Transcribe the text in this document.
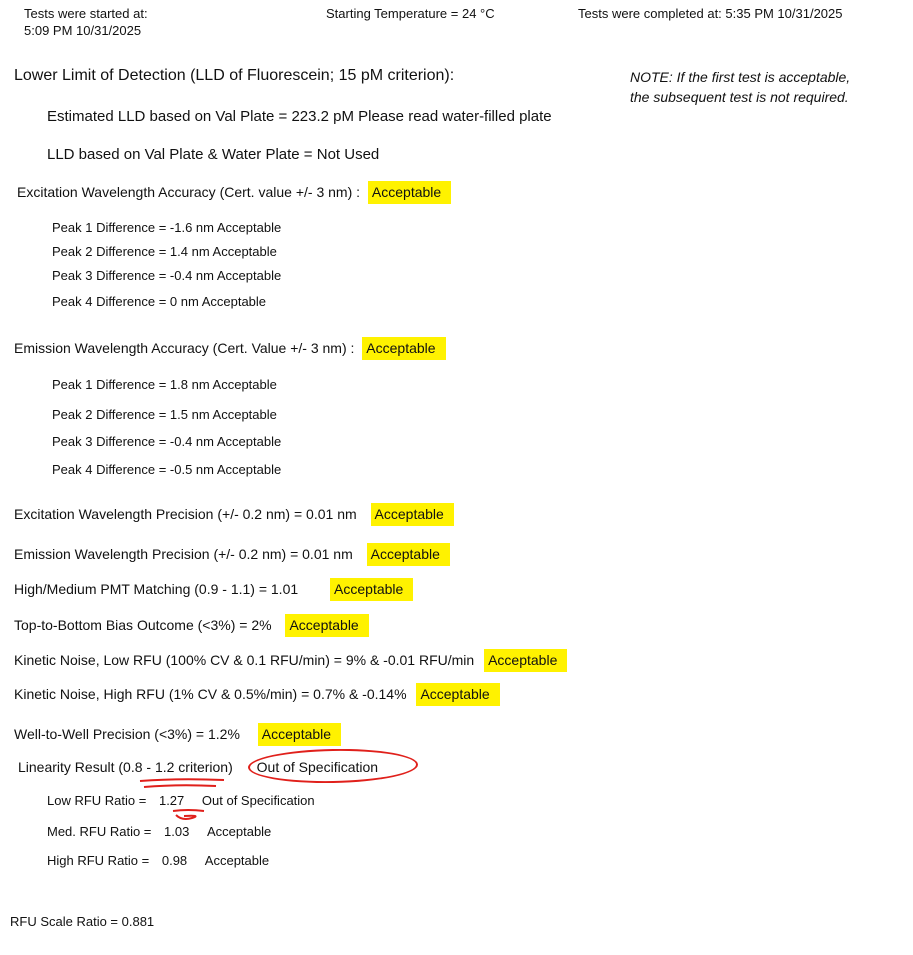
Tests were started at:
5:09 PM 10/31/2025
Starting Temperature = 24 °C	Tests were completed at: 5:35 PM 10/31/2025
Lower Limit of Detection (LLD of Fluorescein; 15 pM criterion):	NOTE: If the first test is acceptable,
the subsequent test is not required.
Estimated LLD based on Val Plate = 223.2 pM Please read water-filled plate
LLD based on Val Plate & Water Plate = Not Used
Excitation Wavelength Accuracy (Cert. value +/- 3 nm) : Acceptable
Peak 1 Difference = -1.6 nm Acceptable
Peak 2 Difference = 1.4 nm Acceptable
Peak 3 Difference = -0.4 nm Acceptable
Peak 4 Difference = 0 nm Acceptable
Emission Wavelength Accuracy (Cert. Value +/- 3 nm) : Acceptable
Peak 1 Difference = 1.8 nm Acceptable
Peak 2 Difference = 1.5 nm Acceptable
Peak 3 Difference = -0.4 nm Acceptable
Peak 4 Difference = -0.5 nm Acceptable
Excitation Wavelength Precision (+/- 0.2 nm) = 0.01 nm Acceptable
Emission Wavelength Precision (+/- 0.2 nm) = 0.01 nm Acceptable
High/Medium PMT Matching (0.9 - 1.1) = 1.01	Acceptable
Top-to-Bottom Bias Outcome (<3%) = 2% Acceptable
Kinetic Noise, Low RFU (100% CV & 0.1 RFU/min) = 9% & -0.01 RFU/min Acceptable
Kinetic Noise, High RFU (1% CV & 0.5%/min) = 0.7% & -0.14% Acceptable
Well-to-Well Precision (<3%) = 1.2% Acceptable
Linearity Result (0.8 - 1.2 criterion) Out of Specification
Low RFU Ratio = 1.27 Out of Specification
Med. RFU Ratio = 1.03 Acceptable
High RFU Ratio = 0.98 Acceptable
RFU Scale Ratio = 0.881
